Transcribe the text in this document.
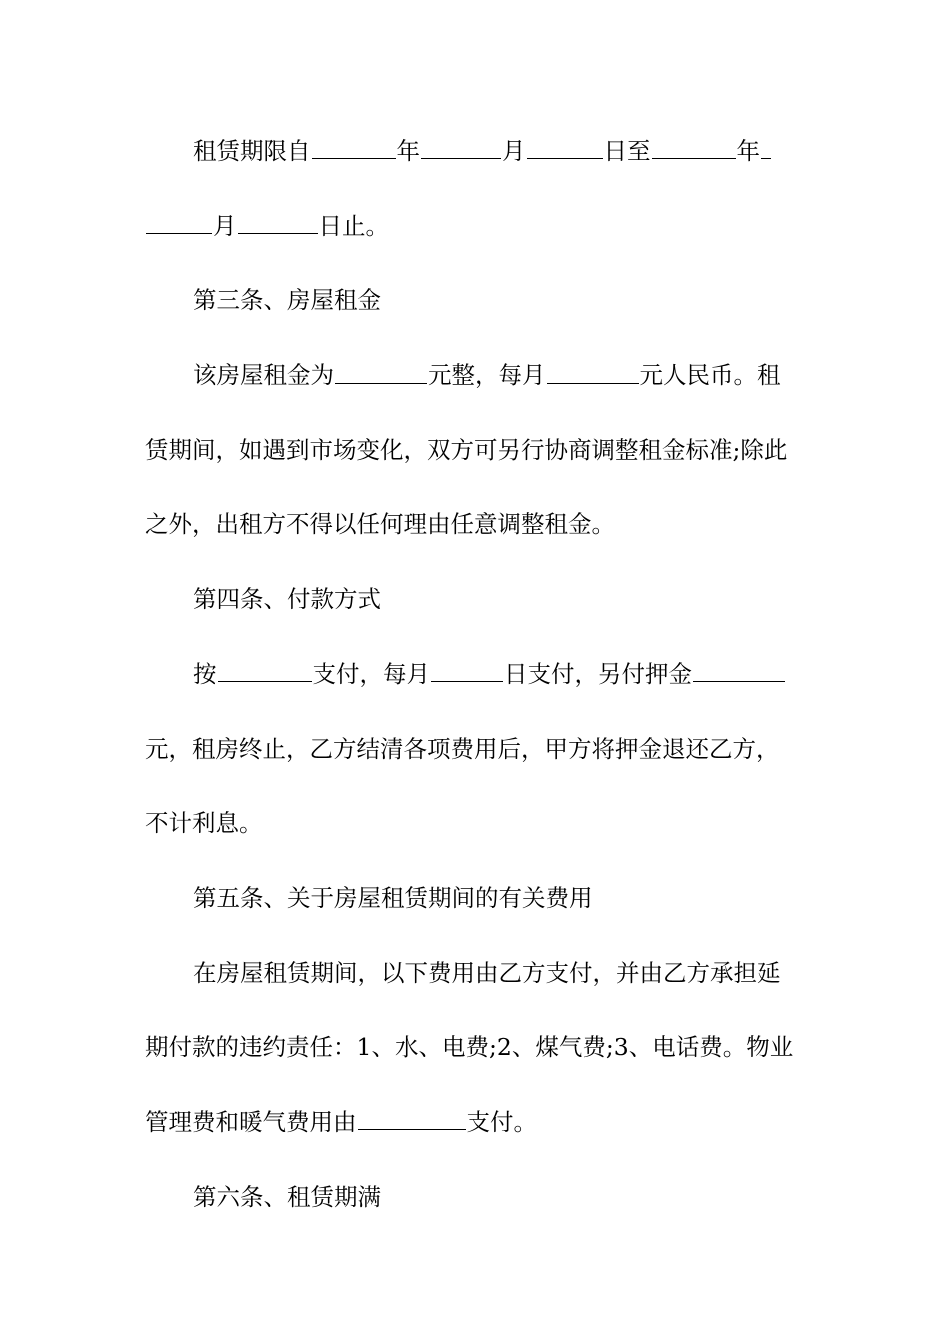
租赁期限自	年	月	日至	年
月	日止。
第三条、房屋租金
该房屋租金为	元整，每月	元人民币。租
赁期间，如遇到市场变化，双方可另行协商调整租金标准;除此
之外，出租方不得以任何理由任意调整租金。
第四条、付款方式
按	支付，每月	日支付，另付押金
元，租房终止，乙方结清各项费用后，甲方将押金退还乙方，
不计利息。
第五条、关于房屋租赁期间的有关费用
在房屋租赁期间，以下费用由乙方支付，并由乙方承担延
期付款的违约责任：1、水、电费;2、煤气费;3、电话费。物业
管理费和暖气费用由	支付。
第六条、租赁期满
